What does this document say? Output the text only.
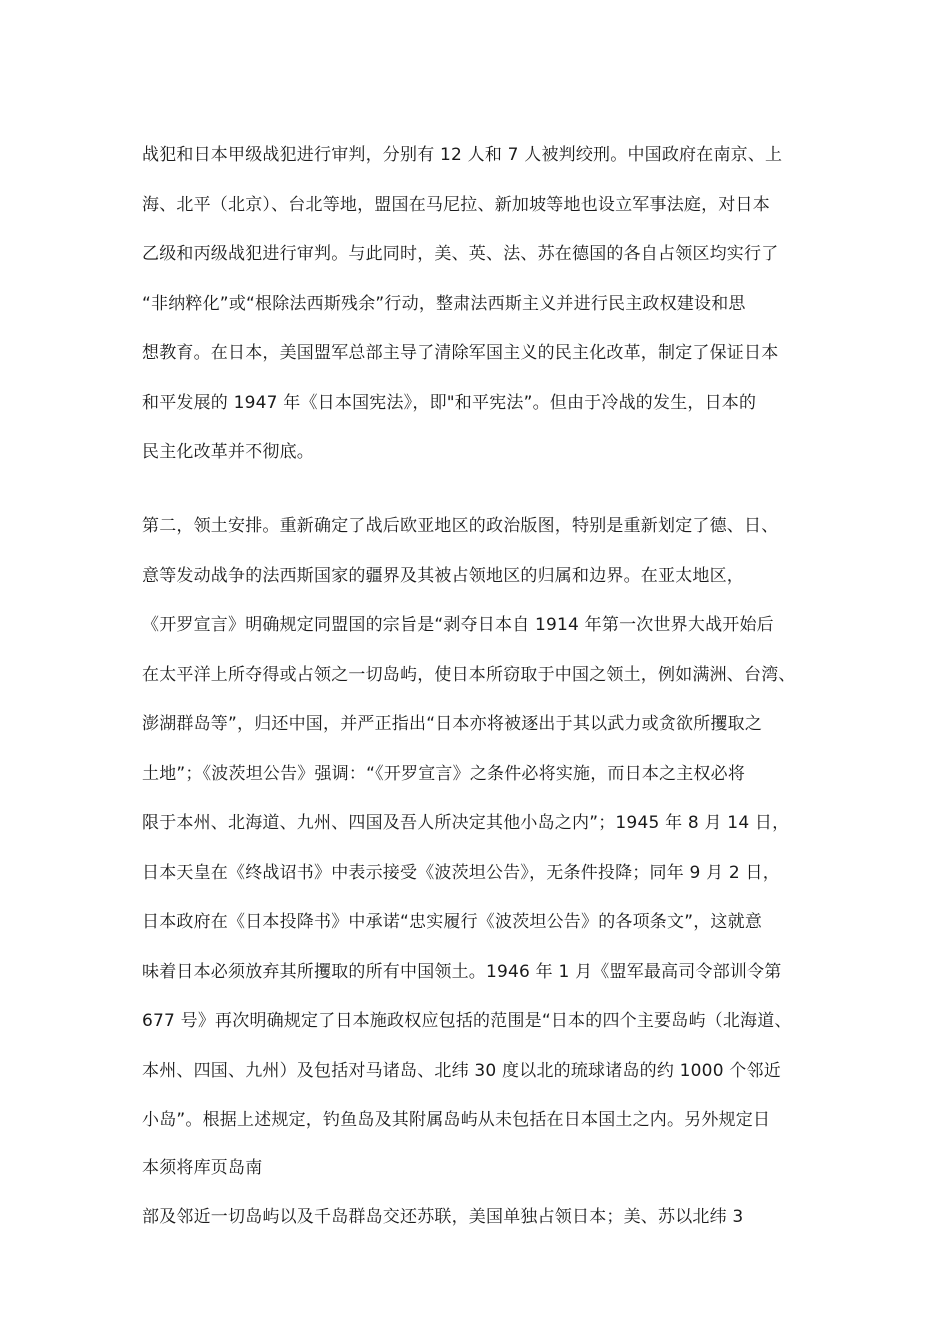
战犯和日本甲级战犯进行审判，分别有 12 人和 7 人被判绞刑。中国政府在南京、上
海、北平（北京）、台北等地，盟国在马尼拉、新加坡等地也设立军事法庭，对日本
乙级和丙级战犯进行审判。与此同时，美、英、法、苏在德国的各自占领区均实行了
“非纳粹化”或“根除法西斯残余”行动，整肃法西斯主义并进行民主政权建设和思
想教育。在日本，美国盟军总部主导了清除军国主义的民主化改革，制定了保证日本
和平发展的 1947 年《日本国宪法》，即"和平宪法”。但由于冷战的发生，日本的
民主化改革并不彻底。
第二，领土安排。重新确定了战后欧亚地区的政治版图，特别是重新划定了德、日、
意等发动战争的法西斯国家的疆界及其被占领地区的归属和边界。在亚太地区，
《开罗宣言》明确规定同盟国的宗旨是“剥夺日本自 1914 年第一次世界大战开始后
在太平洋上所夺得或占领之一切岛屿，使日本所窃取于中国之领土，例如满洲、台湾、
澎湖群岛等”，归还中国，并严正指出“日本亦将被逐出于其以武力或贪欲所攫取之
土地”；《波茨坦公告》强调：“《开罗宣言》之条件必将实施，而日本之主权必将
限于本州、北海道、九州、四国及吾人所决定其他小岛之内”；1945 年 8 月 14 日，
日本天皇在《终战诏书》中表示接受《波茨坦公告》，无条件投降；同年 9 月 2 日，
日本政府在《日本投降书》中承诺“忠实履行《波茨坦公告》的各项条文”，这就意
味着日本必须放弃其所攫取的所有中国领土。1946 年 1 月《盟军最高司令部训令第
677 号》再次明确规定了日本施政权应包括的范围是“日本的四个主要岛屿（北海道、
本州、四国、九州）及包括对马诸岛、北纬 30 度以北的琉球诸岛的约 1000 个邻近
小岛”。根据上述规定，钓鱼岛及其附属岛屿从未包括在日本国土之内。另外规定日
本须将库页岛南
部及邻近一切岛屿以及千岛群岛交还苏联，美国单独占领日本；美、苏以北纬 3
